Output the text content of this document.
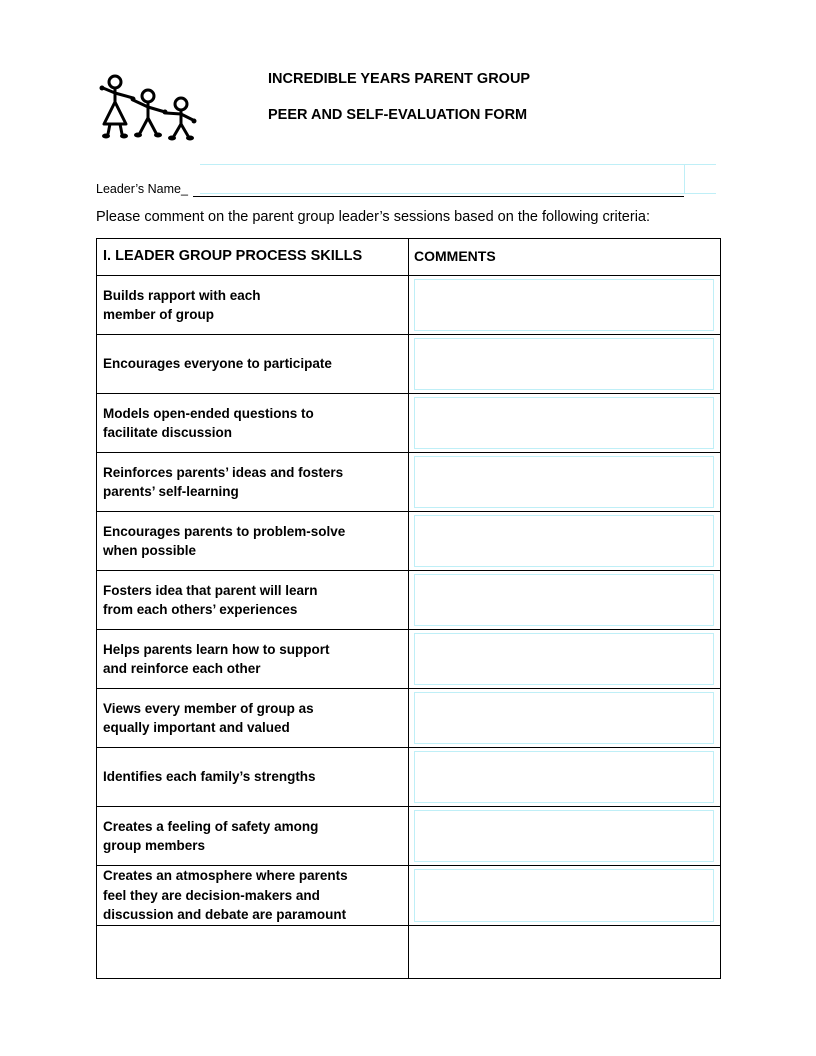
INCREDIBLE YEARS PARENT GROUP
PEER AND SELF-EVALUATION FORM
Leader’s Name_
Please comment on the parent group leader’s sessions based on the following criteria:
I. LEADER GROUP PROCESS SKILLS	COMMENTS

Builds rapport with each
member of group	

Encourages everyone to participate	

Models open-ended questions to
facilitate discussion	

Reinforces parents’ ideas and fosters
parents’ self-learning	

Encourages parents to problem-solve
when possible	

Fosters idea that parent will learn
from each others’ experiences	

Helps parents learn how to support
and reinforce each other	

Views every member of group as
equally important and valued	

Identifies each family’s strengths	

Creates a feeling of safety among
group members	

Creates an atmosphere where parents
feel they are decision-makers and
discussion and debate are paramount	
